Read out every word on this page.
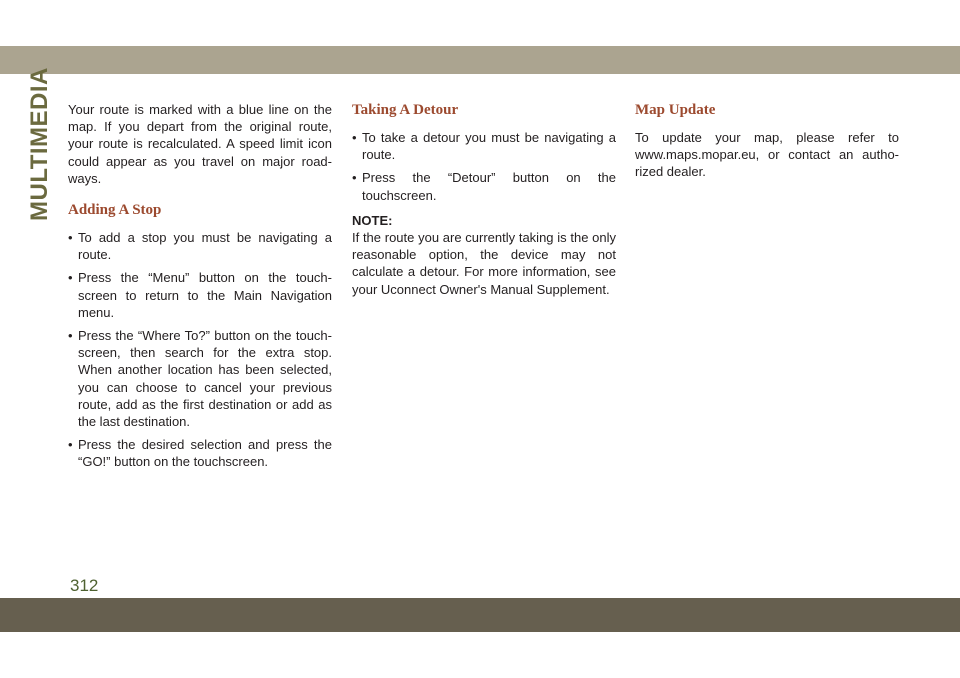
MULTIMEDIA Your route is marked with a blue line on the map. If you depart from the original route, your route is recalculated. A speed limit icon could appear as you travel on major road-ways.

Adding A Stop
• To add a stop you must be navigating a route.
• Press the “Menu” button on the touch-screen to return to the Main Navigation menu.
• Press the “Where To?” button on the touch-screen, then search for the extra stop. When another location has been selected, you can choose to cancel your previous route, add as the first destination or add as the last destination.
• Press the desired selection and press the “GO!” button on the touchscreen.
Taking A Detour
• To take a detour you must be navigating a route.
• Press the “Detour” button on the touchscreen.

NOTE:

If the route you are currently taking is the only reasonable option, the device may not calculate a detour. For more information, see your Uconnect Owner's Manual Supplement.

Map Update

To update your map, please refer to www.maps.mopar.eu, or contact an autho-rized dealer.

312
